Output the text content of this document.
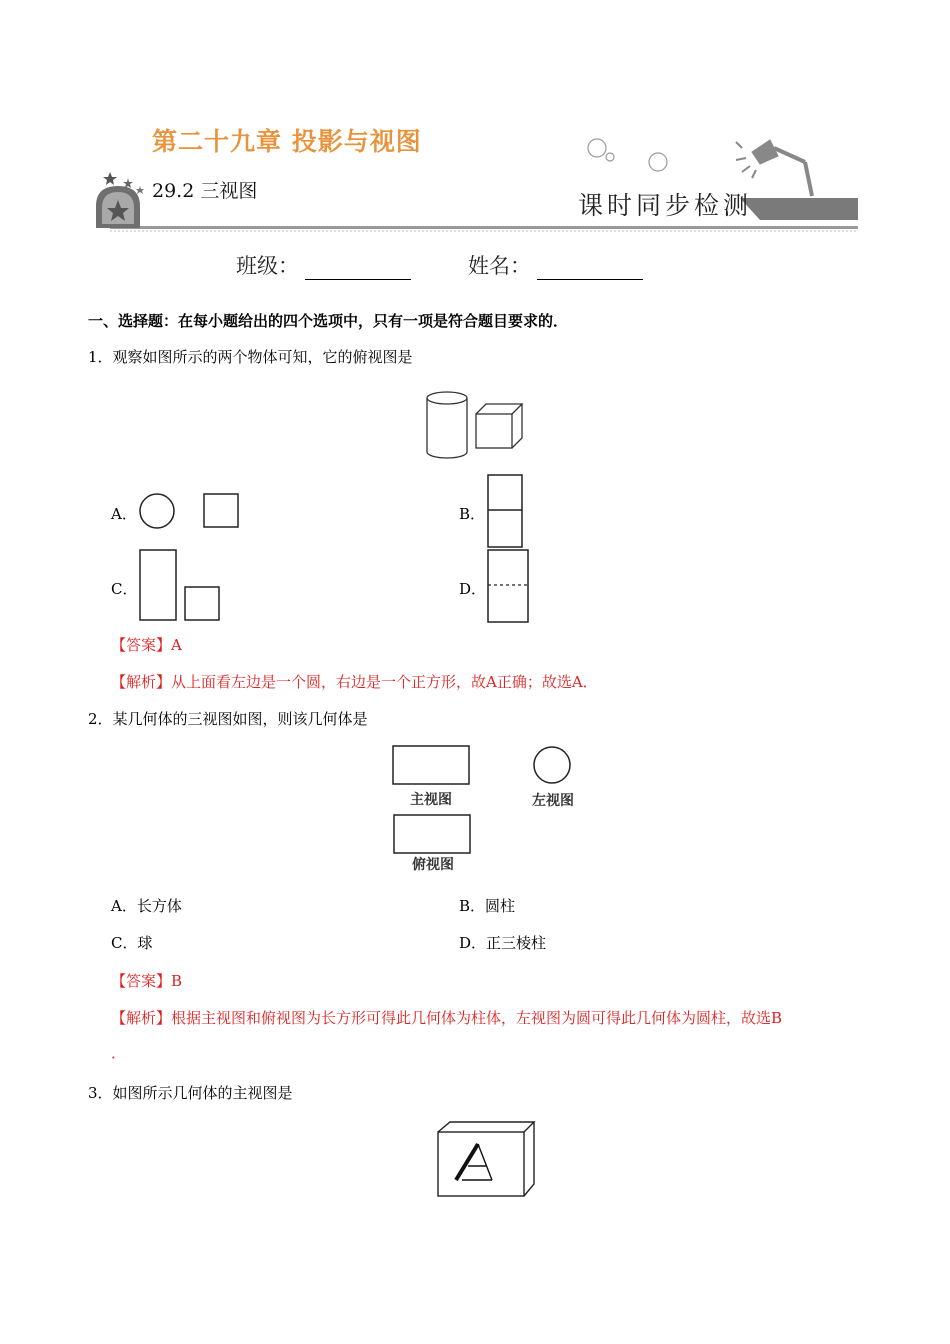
第二十九章 投影与视图
29.2 三视图	课时同步检测
班级：	姓名：
一、选择题：在每小题给出的四个选项中，只有一项是符合题目要求的．
1．观察如图所示的两个物体可知，它的俯视图是
A．	B．
C．	D．
【答案】A
【解析】从上面看左边是一个圆，右边是一个正方形，故A正确；故选A．
2．某几何体的三视图如图，则该几何体是
主视图	左视图
俯视图
A．长方体	B．圆柱
C．球	D．正三棱柱
【答案】B
【解析】根据主视图和俯视图为长方形可得此几何体为柱体，左视图为圆可得此几何体为圆柱，故选B
．
3．如图所示几何体的主视图是
